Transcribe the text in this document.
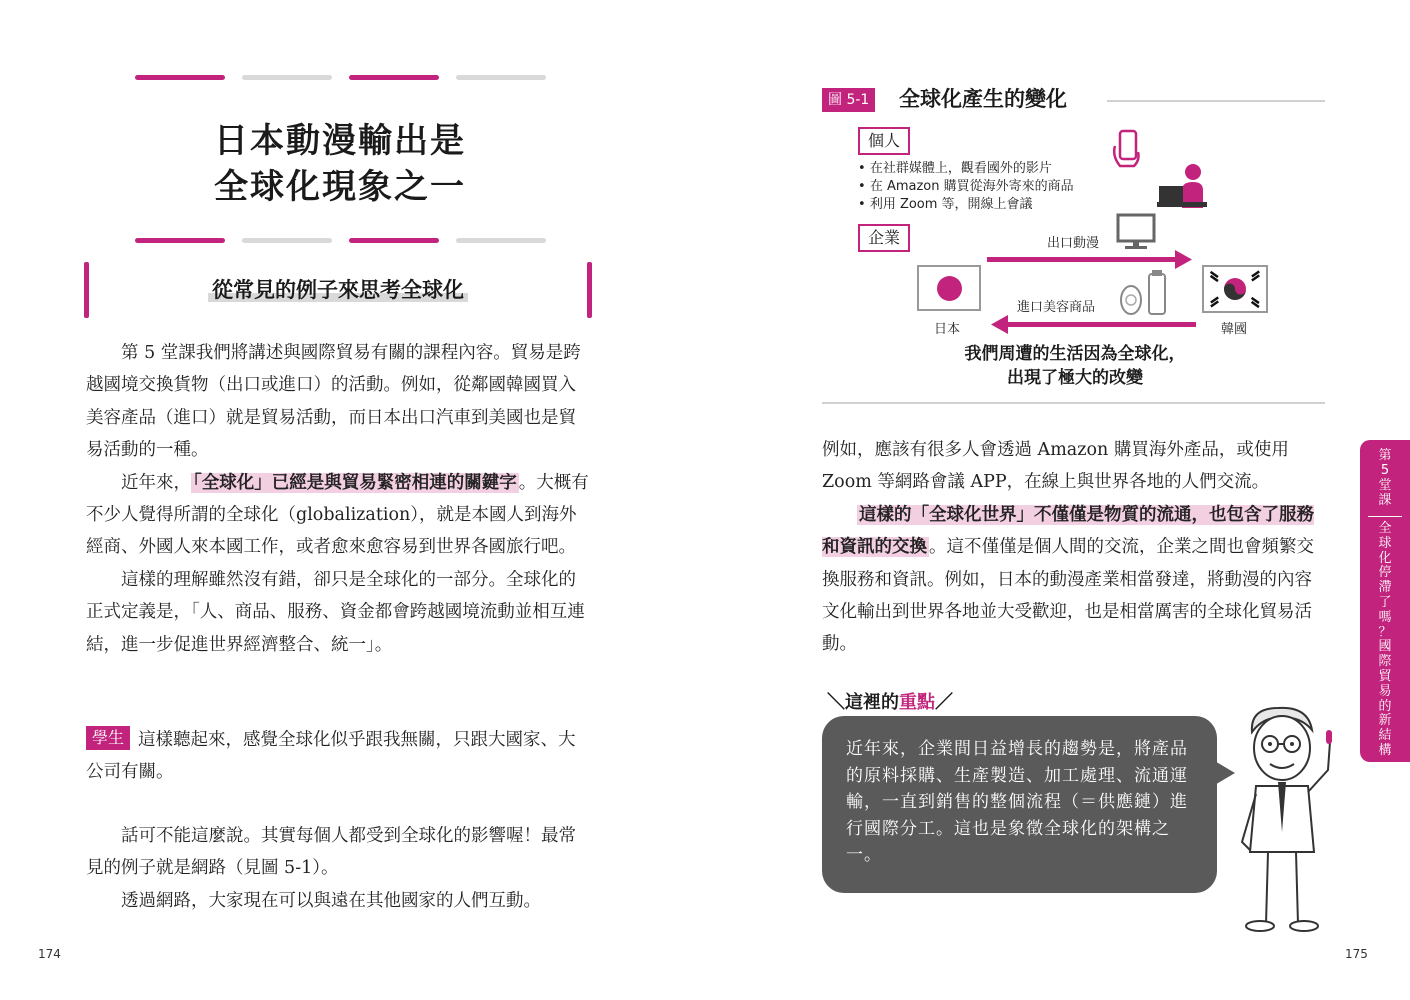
日本動漫輸出是
全球化現象之一
從常見的例子來思考全球化

第 5 堂課我們將講述與國際貿易有關的課程內容。貿易是跨越國境交換貨物（出口或進口）的活動。例如，從鄰國韓國買入美容產品（進口）就是貿易活動，而日本出口汽車到美國也是貿易活動的一種。

近年來， 「全球化」已經是與貿易緊密相連的關鍵字 。大概有不少人覺得所謂的全球化（globalization），就是本國人到海外經商、外國人來本國工作，或者愈來愈容易到世界各國旅行吧。

這樣的理解雖然沒有錯，卻只是全球化的一部分。全球化的正式定義是，「人、商品、服務、資金都會跨越國境流動並相互連結，進一步促進世界經濟整合、統一」。

學生 這樣聽起來，感覺全球化似乎跟我無關，只跟大國家、大公司有關。

話可不能這麼說。其實每個人都受到全球化的影響喔！最常見的例子就是網路（見圖 5-1）。

透過網路，大家現在可以與遠在其他國家的人們互動。

174
圖 5-1 全球化產生的變化
個人
• 在社群媒體上，觀看國外的影片
• 在 Amazon 購買從海外寄來的商品
• 利用 Zoom 等，開線上會議
企業	出口動漫
日本	韓國
進口美容商品
我們周遭的生活因為全球化，
出現了極大的改變

例如，應該有很多人會透過 Amazon 購買海外產品，或使用 Zoom 等網路會議 APP，在線上與世界各地的人們交流。

這樣的「全球化世界」不僅僅是物質的流通，也包含了服務和資訊的交換 。這不僅僅是個人間的交流，企業之間也會頻繁交換服務和資訊。例如，日本的動漫產業相當發達，將動漫的內容文化輸出到世界各地並大受歡迎，也是相當厲害的全球化貿易活動。

＼這裡的重點／
近年來，企業間日益增長的趨勢是，將產品的原料採購、生產製造、加工處理、流通運輸，一直到銷售的整個流程（＝供應鏈）進行國際分工。這也是象徵全球化的架構之一。
第
5
堂
課
全
球
化
停
滯
了
嗎
？
國
際
貿
易
的
新
結
構
175
